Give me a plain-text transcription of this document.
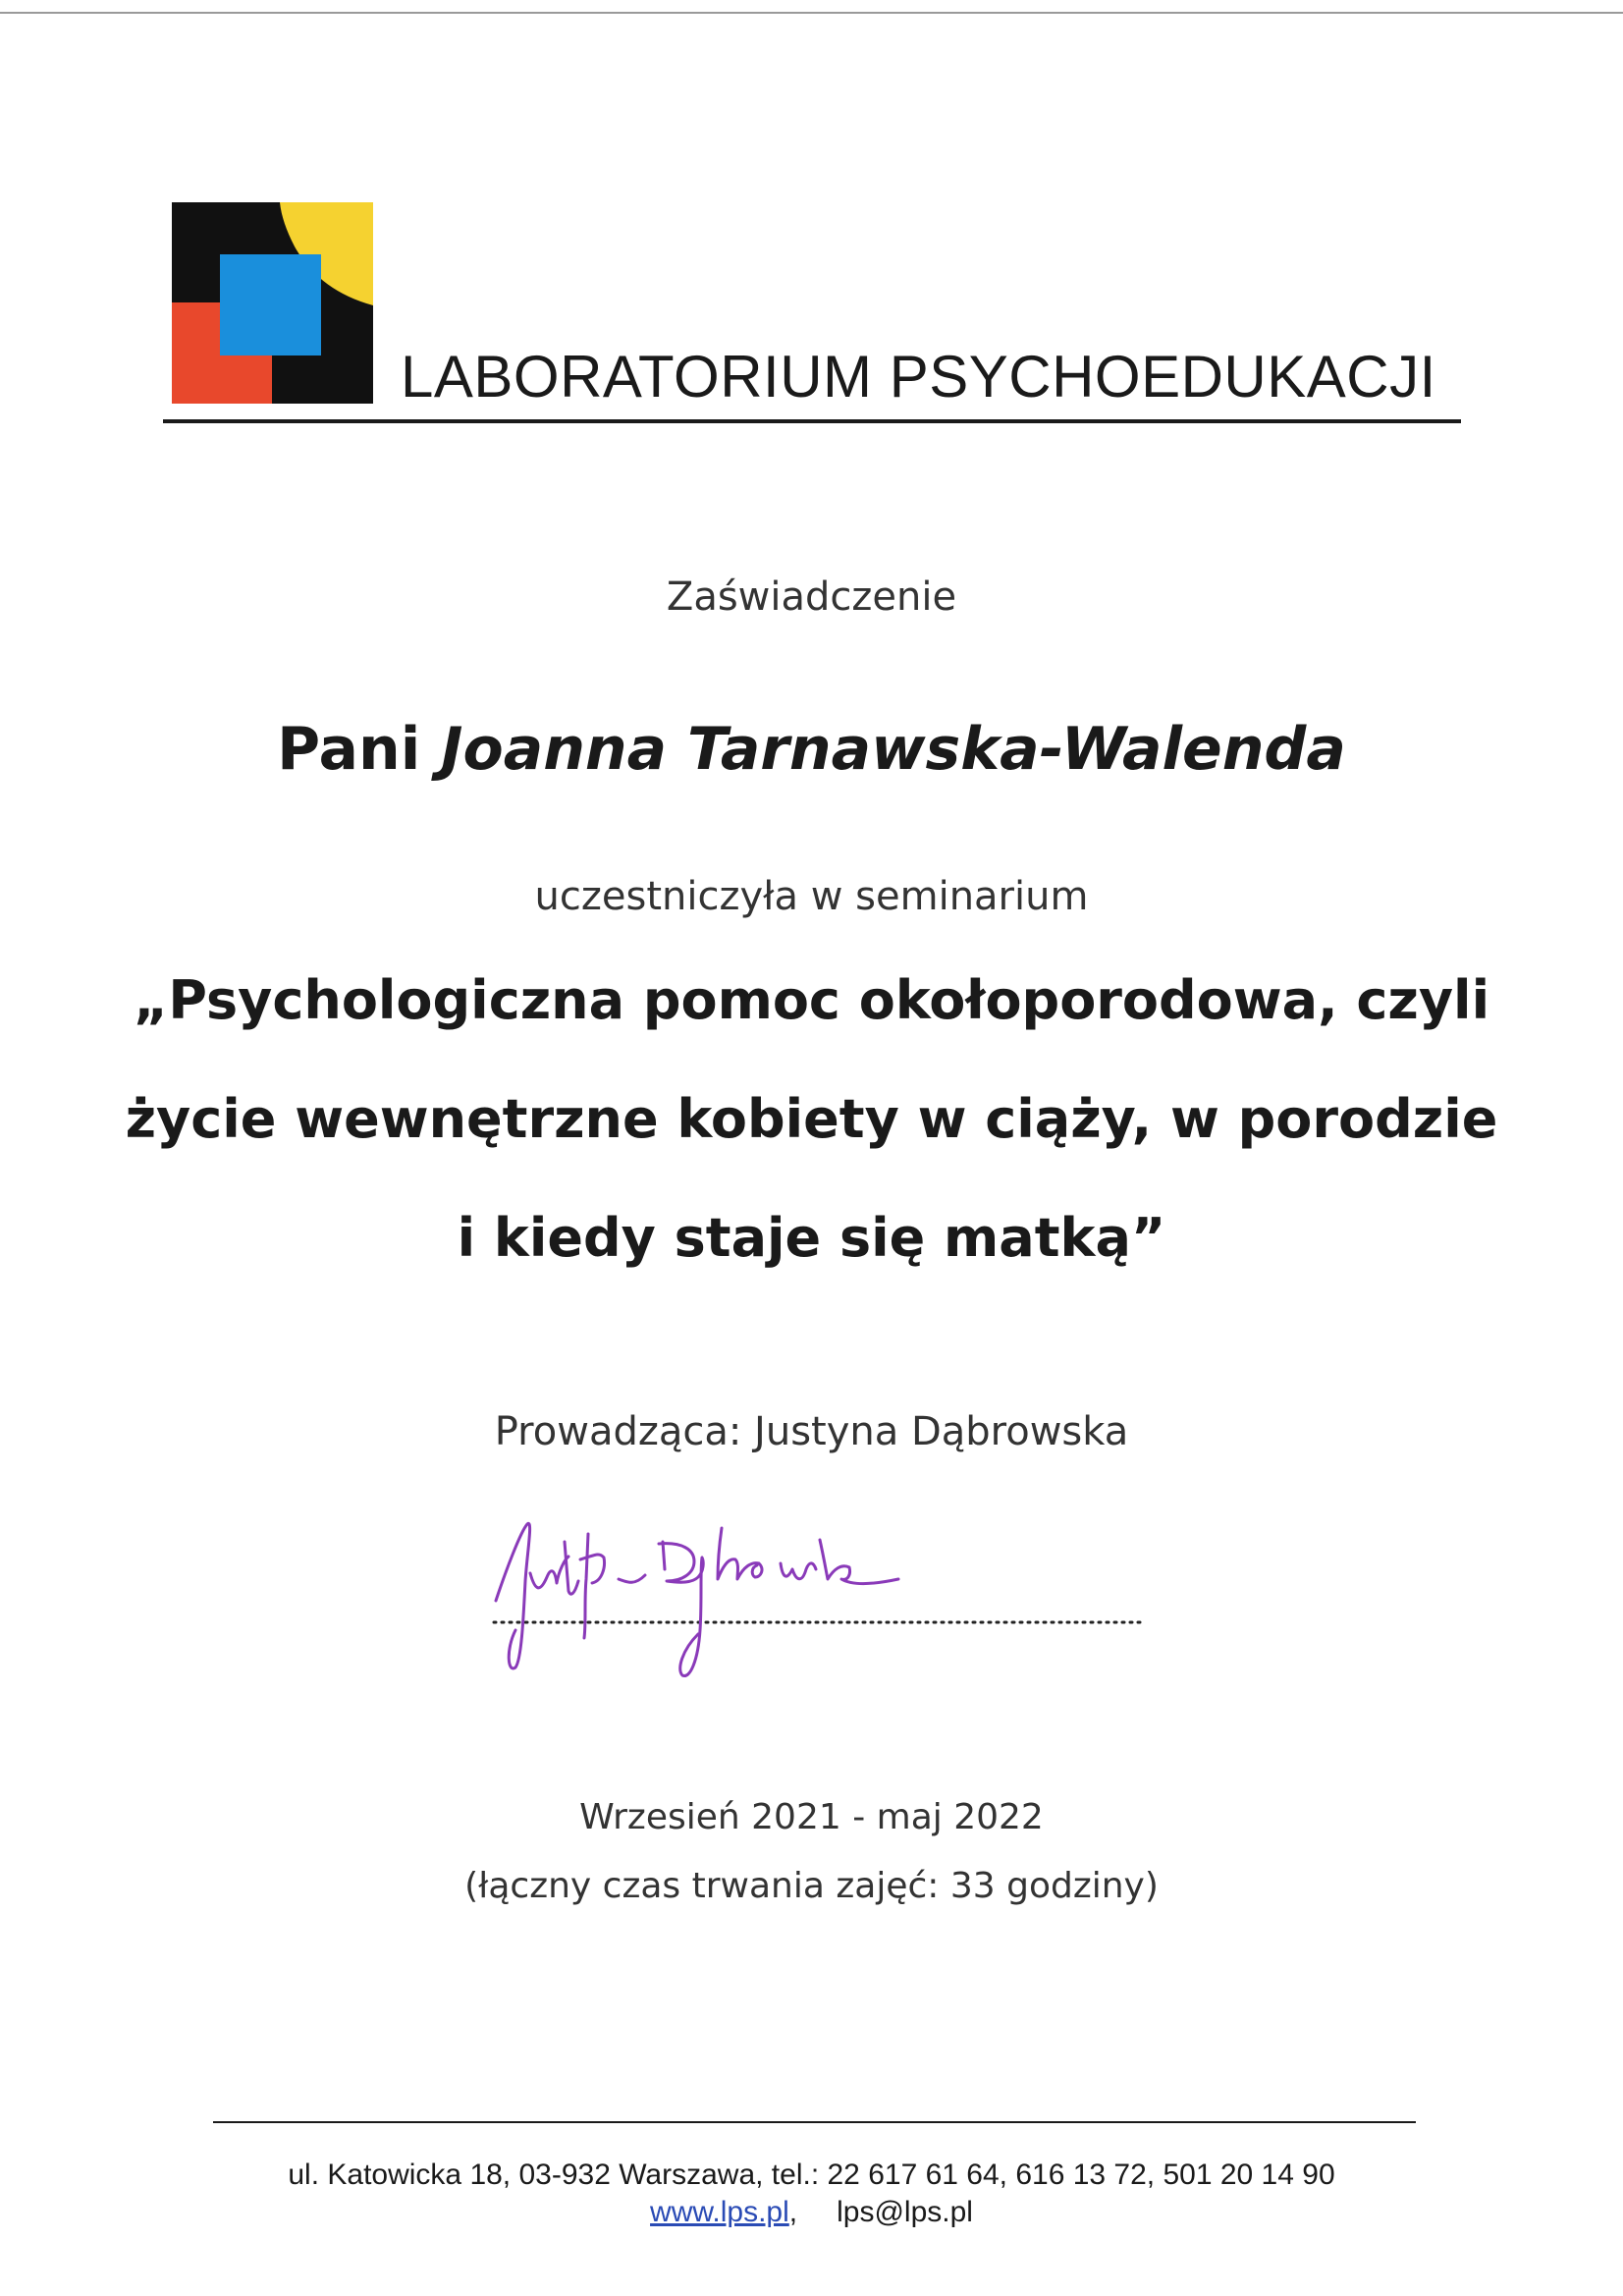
LABORATORIUM PSYCHOEDUKACJI
Zaświadczenie
Pani Joanna Tarnawska-Walenda
uczestniczyła w seminarium
„Psychologiczna pomoc okołoporodowa, czyli
życie wewnętrzne kobiety w ciąży, w porodzie
i kiedy staje się matką”
Prowadząca: Justyna Dąbrowska
Wrzesień 2021 - maj 2022
(łączny czas trwania zajęć: 33 godziny)
ul. Katowicka 18, 03-932 Warszawa, tel.: 22 617 61 64, 616 13 72, 501 20 14 90
www.lps.pl, lps@lps.pl
